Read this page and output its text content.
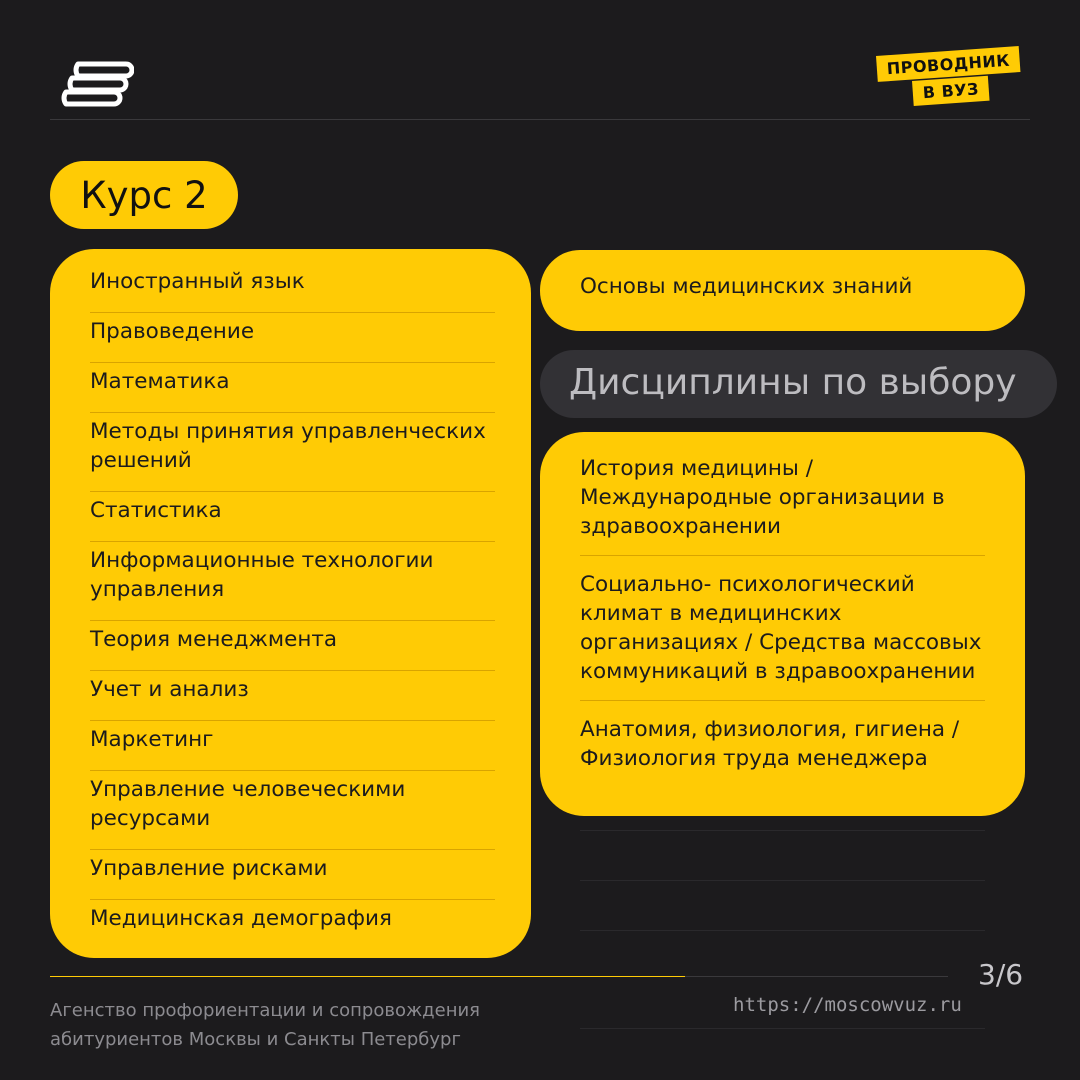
ПРОВОДНИК
В ВУЗ
Курс 2
Иностранный язык
Правоведение
Математика
Методы принятия управленческих решений
Статистика
Информационные технологии управления
Теория менеджмента
Учет и анализ
Маркетинг
Управление человеческими ресурсами
Управление рисками
Медицинская демография
Основы медицинских знаний
Дисциплины по выбору
История медицины / Международные организации в здравоохранении
Социально- психологический климат в медицинских организациях / Средства массовых коммуникаций в здравоохранении
Анатомия, физиология, гигиена / Физиология труда менеджера
3/6
https://moscowvuz.ru
Агенство профориентации и сопровождения абитуриентов Москвы и Санкты Петербург
